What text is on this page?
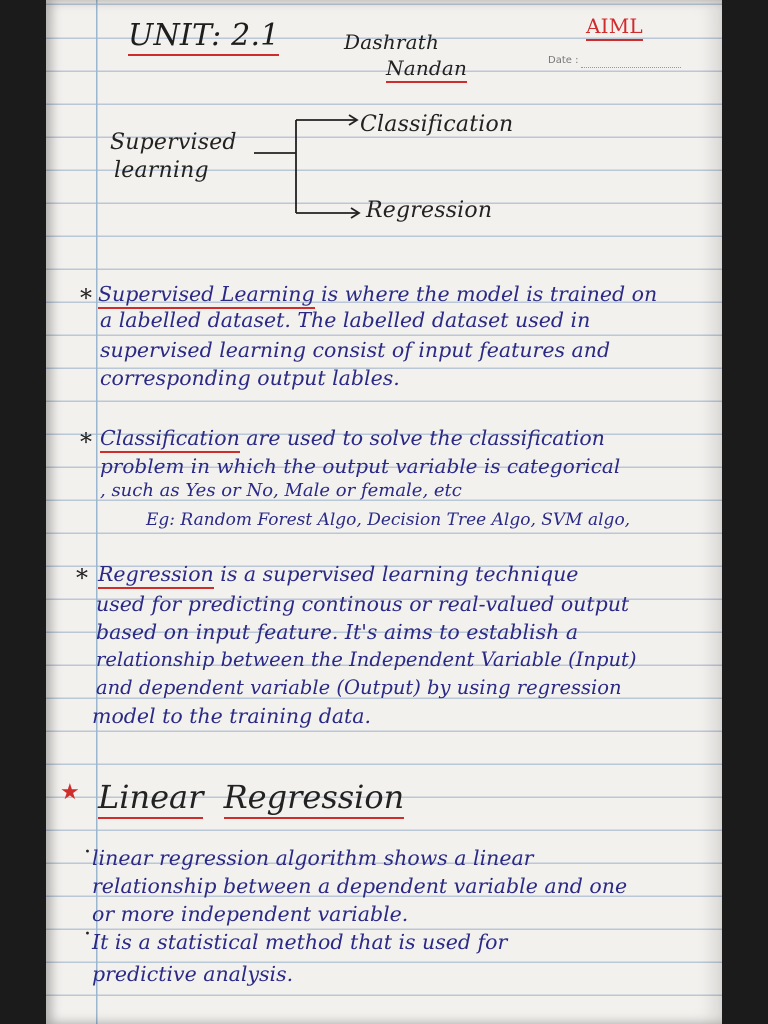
UNIT: 2.1	Dashrath
Nandan
AIML
Date :
Supervised
learning
Classification
Regression
* Supervised Learning is where the model is trained on
a labelled dataset. The labelled dataset used in
supervised learning consist of input features and
corresponding output lables.
* Classification are used to solve the classification
problem in which the output variable is categorical
, such as Yes or No, Male or female, etc
Eg: Random Forest Algo, Decision Tree Algo, SVM algo,
* Regression is a supervised learning technique
used for predicting continous or real-valued output
based on input feature. It's aims to establish a
relationship between the Independent Variable (Input)
and dependent variable (Output) by using regression
model to the training data.
★ Linear Regression
· linear regression algorithm shows a linear
relationship between a dependent variable and one
or more independent variable.
· It is a statistical method that is used for
predictive analysis.
